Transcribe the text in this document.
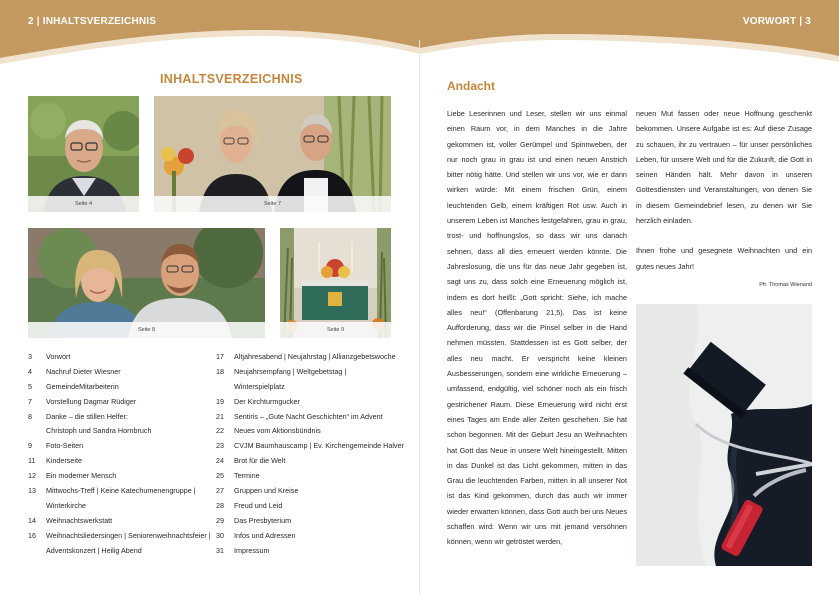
2 | INHALTSVERZEICHNIS	VORWORT | 3
INHALTSVERZEICHNIS
Seite 4	Seite 7
Seite 8	Seite 9
3	Vorwort
4	Nachruf Dieter Wiesner
5	GemeindeMitarbeiterin
7	Vorstellung Dagmar Rüdiger
8	Danke – die stillen Helfer:
Christoph und Sandra Hornbruch
9	Foto-Seiten
11	Kinderseite
12	Ein moderner Mensch
13	Mittwochs-Treff | Keine Katechumenengruppe |
Winterkirche
14	Weihnachtswerkstatt
16	Weihnachtsliedersingen | Seniorenweihnachtsfeier |
Adventskonzert | Heilig Abend
17	Altjahresabend | Neujahrstag | Allianzgebetswoche
18	Neujahrsempfang | Weltgebetstag |
Winterspielplatz
19	Der Kirchturmgucker
21	Sentiris – „Gute Nacht Geschichten“ im Advent
22	Neues vom Aktionsbündnis
23	CVJM Baumhauscamp | Ev. Kirchengemeinde Halver
24	Brot für die Welt
25	Termine
27	Gruppen und Kreise
28	Freud und Leid
29	Das Presbyterium
30	Infos und Adressen
31	Impressum
Andacht

Liebe Leserinnen und Leser, stellen wir uns einmal einen Raum vor, in dem Manches in die Jahre gekommen ist, voller Gerümpel und Spinnweben, der nur noch grau in grau ist und einen neuen Anstrich bitter nötig hätte. Und stellen wir uns vor, wie er dann wirken würde: Mit einem frischen Grün, einem leuchtenden Gelb, einem kräftigen Rot usw. Auch in unserem Leben ist Manches festgefahren, grau in grau, trost- und hoffnungslos, so dass wir uns danach sehnen, dass all dies erneuert werden könnte. Die Jahreslosung, die uns für das neue Jahr gegeben ist, sagt uns zu, dass solch eine Erneuerung möglich ist, indem es dort heißt: „Gott spricht: Siehe, ich mache alles neu!“ (Offenbarung 21,5). Das ist keine Aufforderung, dass wir die Pinsel selber in die Hand nehmen müssten. Stattdessen ist es Gott selber, der alles neu macht. Er verspricht keine kleinen Ausbesserungen, sondern eine wirkliche Erneuerung – umfassend, endgültig, viel schöner noch als ein frisch gestrichener Raum. Diese Erneuerung wird nicht erst eines Tages am Ende aller Zeiten geschehen. Sie hat schon begonnen. Mit der Geburt Jesu an Weihnachten hat Gott das Neue in unsere Welt hineingestellt. Mitten in das Dunkel ist das Licht gekommen, mitten in das Grau die leuchtenden Farben, mitten in all unserer Not ist das Kind gekommen, durch das auch wir immer wieder erwarten können, dass Gott auch bei uns Neues schaffen wird: Wenn wir uns mit jemand versöhnen können, wenn wir getröstet werden,

neuen Mut fassen oder neue Hoffnung geschenkt bekommen. Unsere Aufgabe ist es: Auf diese Zusage zu schauen, ihr zu vertrauen – für unser persönliches Leben, für unsere Welt und für die Zukunft, die Gott in seinen Händen hält. Mehr davon in unseren Gottesdiensten und Veranstaltungen, von denen Sie in diesem Gemeindebrief lesen, zu denen wir Sie herzlich einladen.

Ihnen frohe und gesegnete Weihnachten und ein gutes neues Jahr!

Pfr. Thomas Wienand
